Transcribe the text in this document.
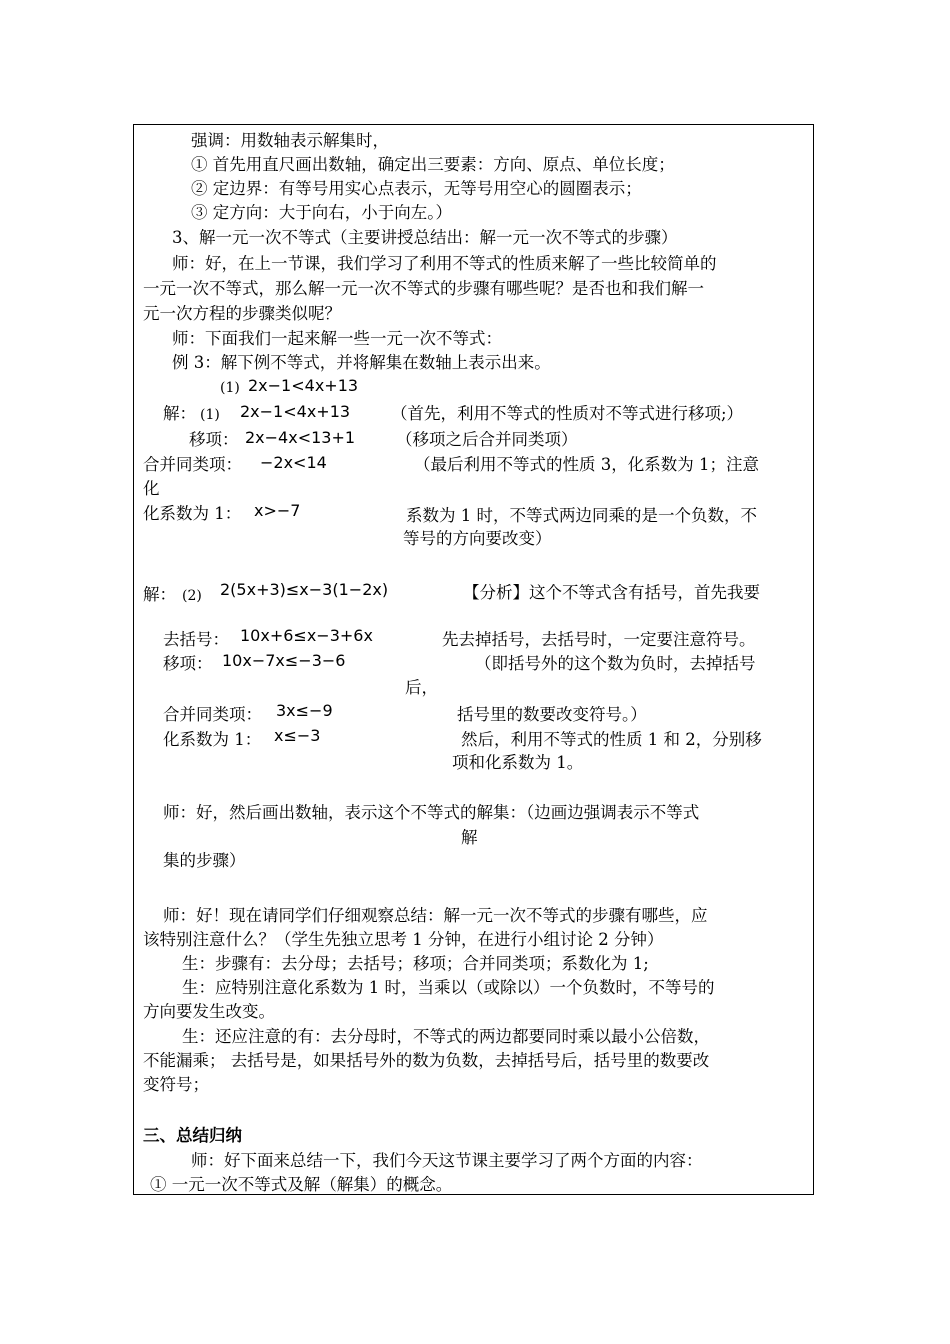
强调：用数轴表示解集时，
① 首先用直尺画出数轴，确定出三要素：方向、原点、单位长度；
② 定边界：有等号用实心点表示，无等号用空心的圆圈表示；
③ 定方向：大于向右，小于向左。）
3、解一元一次不等式（主要讲授总结出：解一元一次不等式的步骤）
师：好，在上一节课，我们学习了利用不等式的性质来解了一些比较简单的
一元一次不等式，那么解一元一次不等式的步骤有哪些呢？是否也和我们解一
元一次方程的步骤类似呢？
师：下面我们一起来解一些一元一次不等式：
例 3：解下例不等式，并将解集在数轴上表示出来。
(1) 2x−1<4x+13
解： (1) 2x−1<4x+13 （首先，利用不等式的性质对不等式进行移项;）
移项： 2x−4x<13+1 （移项之后合并同类项）
合并同类项： −2x<14	（最后利用不等式的性质 3，化系数为 1；注意
化
化系数为 1： x>−7	系数为 1 时，不等式两边同乘的是一个负数，不
等号的方向要改变）
解： (2) 2(5x+3)≤x−3(1−2x)	【分析】这个不等式含有括号，首先我要
去括号： 10x+6≤x−3+6x	先去掉括号，去括号时，一定要注意符号。
移项： 10x−7x≤−3−6	（即括号外的这个数为负时，去掉括号
后，
合并同类项： 3x≤−9	括号里的数要改变符号。）
化系数为 1： x≤−3	然后，利用不等式的性质 1 和 2，分别移
项和化系数为 1。
师：好，然后画出数轴，表示这个不等式的解集：（边画边强调表示不等式
解
集的步骤）
师：好！现在请同学们仔细观察总结：解一元一次不等式的步骤有哪些，应
该特别注意什么？（学生先独立思考 1 分钟，在进行小组讨论 2 分钟）
生：步骤有：去分母；去括号；移项；合并同类项；系数化为 1;
生：应特别注意化系数为 1 时，当乘以（或除以）一个负数时，不等号的
方向要发生改变。
生：还应注意的有：去分母时，不等式的两边都要同时乘以最小公倍数，
不能漏乘； 去括号是，如果括号外的数为负数，去掉括号后，括号里的数要改
变符号；
三、总结归纳
师：好下面来总结一下，我们今天这节课主要学习了两个方面的内容：
① 一元一次不等式及解（解集）的概念。
